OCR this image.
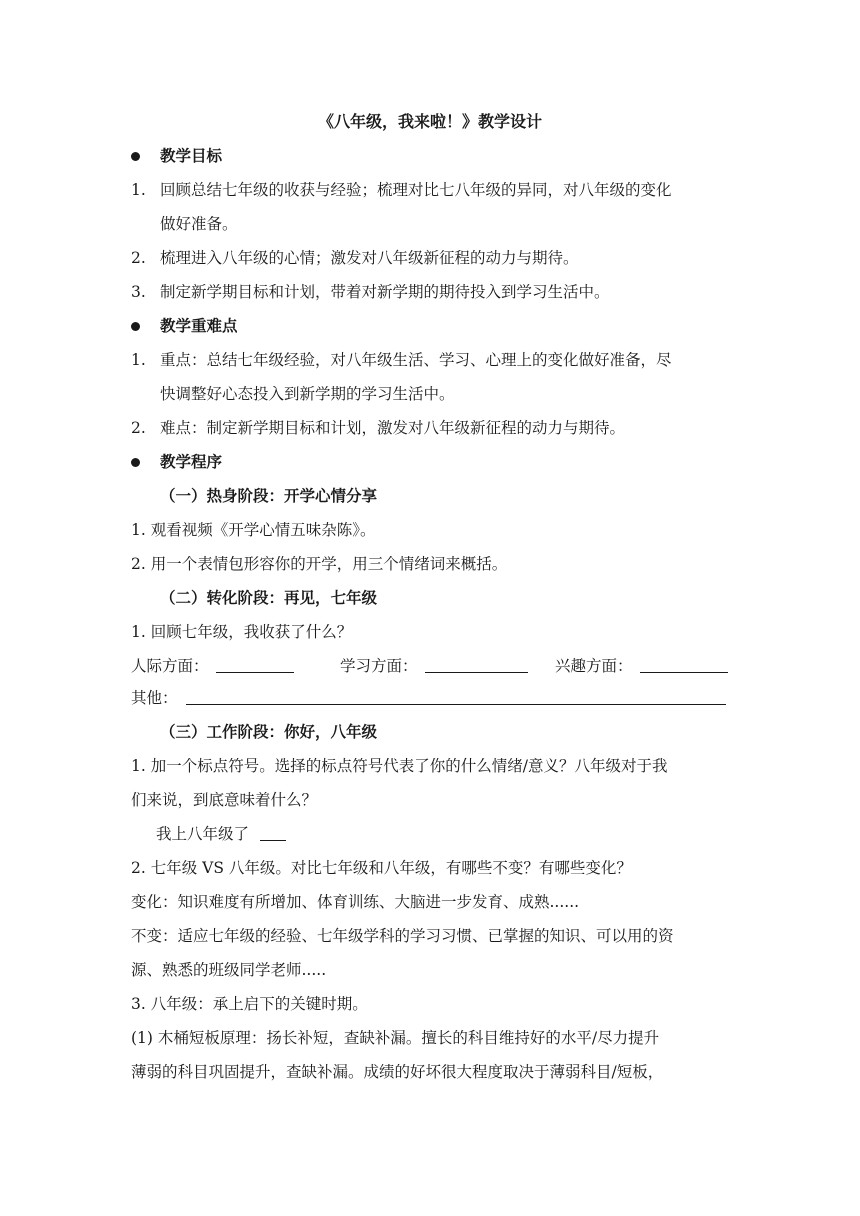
《八年级，我来啦！》教学设计
教学目标
1. 回顾总结七年级的收获与经验；梳理对比七八年级的异同，对八年级的变化
做好准备。
2. 梳理进入八年级的心情；激发对八年级新征程的动力与期待。
3. 制定新学期目标和计划，带着对新学期的期待投入到学习生活中。
教学重难点
1. 重点：总结七年级经验，对八年级生活、学习、心理上的变化做好准备，尽
快调整好心态投入到新学期的学习生活中。
2. 难点：制定新学期目标和计划，激发对八年级新征程的动力与期待。
教学程序
（一）热身阶段：开学心情分享
1. 观看视频《开学心情五味杂陈》。
2. 用一个表情包形容你的开学，用三个情绪词来概括。
（二）转化阶段：再见，七年级
1. 回顾七年级，我收获了什么？
人际方面：	学习方面：	兴趣方面：
其他：
（三）工作阶段：你好，八年级
1. 加一个标点符号。选择的标点符号代表了你的什么情绪/意义？八年级对于我
们来说，到底意味着什么？
我上八年级了
2. 七年级 VS 八年级。对比七年级和八年级，有哪些不变？有哪些变化？
变化：知识难度有所增加、体育训练、大脑进一步发育、成熟......
不变：适应七年级的经验、七年级学科的学习习惯、已掌握的知识、可以用的资
源、熟悉的班级同学老师.....
3. 八年级：承上启下的关键时期。
(1) 木桶短板原理：扬长补短，查缺补漏。擅长的科目维持好的水平/尽力提升
薄弱的科目巩固提升，查缺补漏。成绩的好坏很大程度取决于薄弱科目/短板，
